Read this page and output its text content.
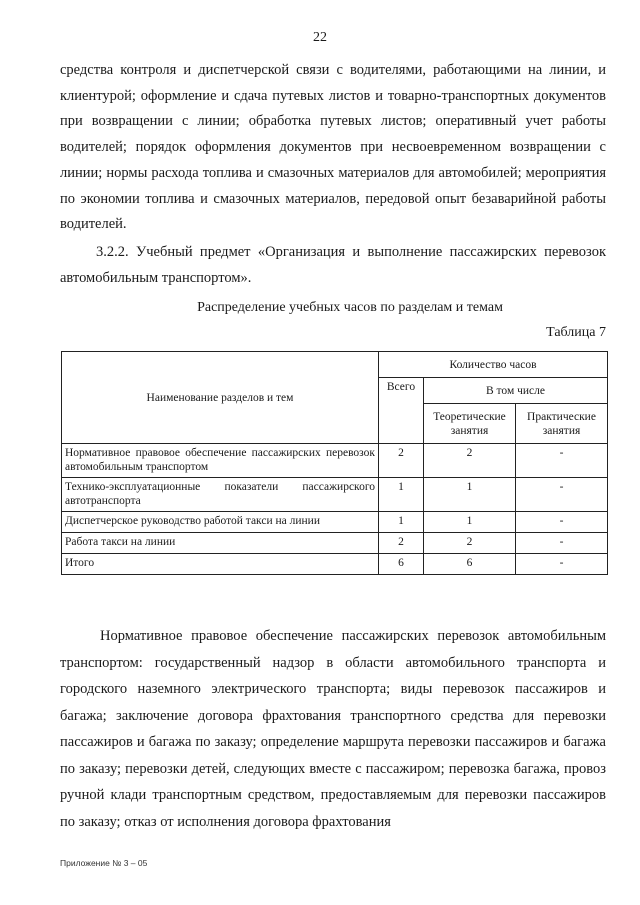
22

средства контроля и диспетчерской связи с водителями, работающими на линии, и клиентурой; оформление и сдача путевых листов и товарно-транспортных документов при возвращении с линии; обработка путевых листов; оперативный учет работы водителей; порядок оформления документов при несвоевременном возвращении с линии; нормы расхода топлива и смазочных материалов для автомобилей; мероприятия по экономии топлива и смазочных материалов, передовой опыт безаварийной работы водителей.

3.2.2. Учебный предмет «Организация и выполнение пассажирских перевозок автомобильным транспортом».

Распределение учебных часов по разделам и темам
Таблица 7
Наименование разделов и тем	Количество часов		
	Всего	В том числе	
		Теоретические занятия	Практические занятия
Нормативное правовое обеспечение пассажирских перевозок автомобильным транспортом	2	2	-
Технико-эксплуатационные показатели пассажирского автотранспорта	1	1	-
Диспетчерское руководство работой такси на линии	1	1	-
Работа такси на линии	2	2	-
Итого	6	6	-

Нормативное правовое обеспечение пассажирских перевозок автомобильным транспортом: государственный надзор в области автомобильного транспорта и городского наземного электрического транспорта; виды перевозок пассажиров и багажа; заключение договора фрахтования транспортного средства для перевозки пассажиров и багажа по заказу; определение маршрута перевозки пассажиров и багажа по заказу; перевозки детей, следующих вместе с пассажиром; перевозка багажа, провоз ручной клади транспортным средством, предоставляемым для перевозки пассажиров по заказу; отказ от исполнения договора фрахтования

Приложение № 3 – 05
